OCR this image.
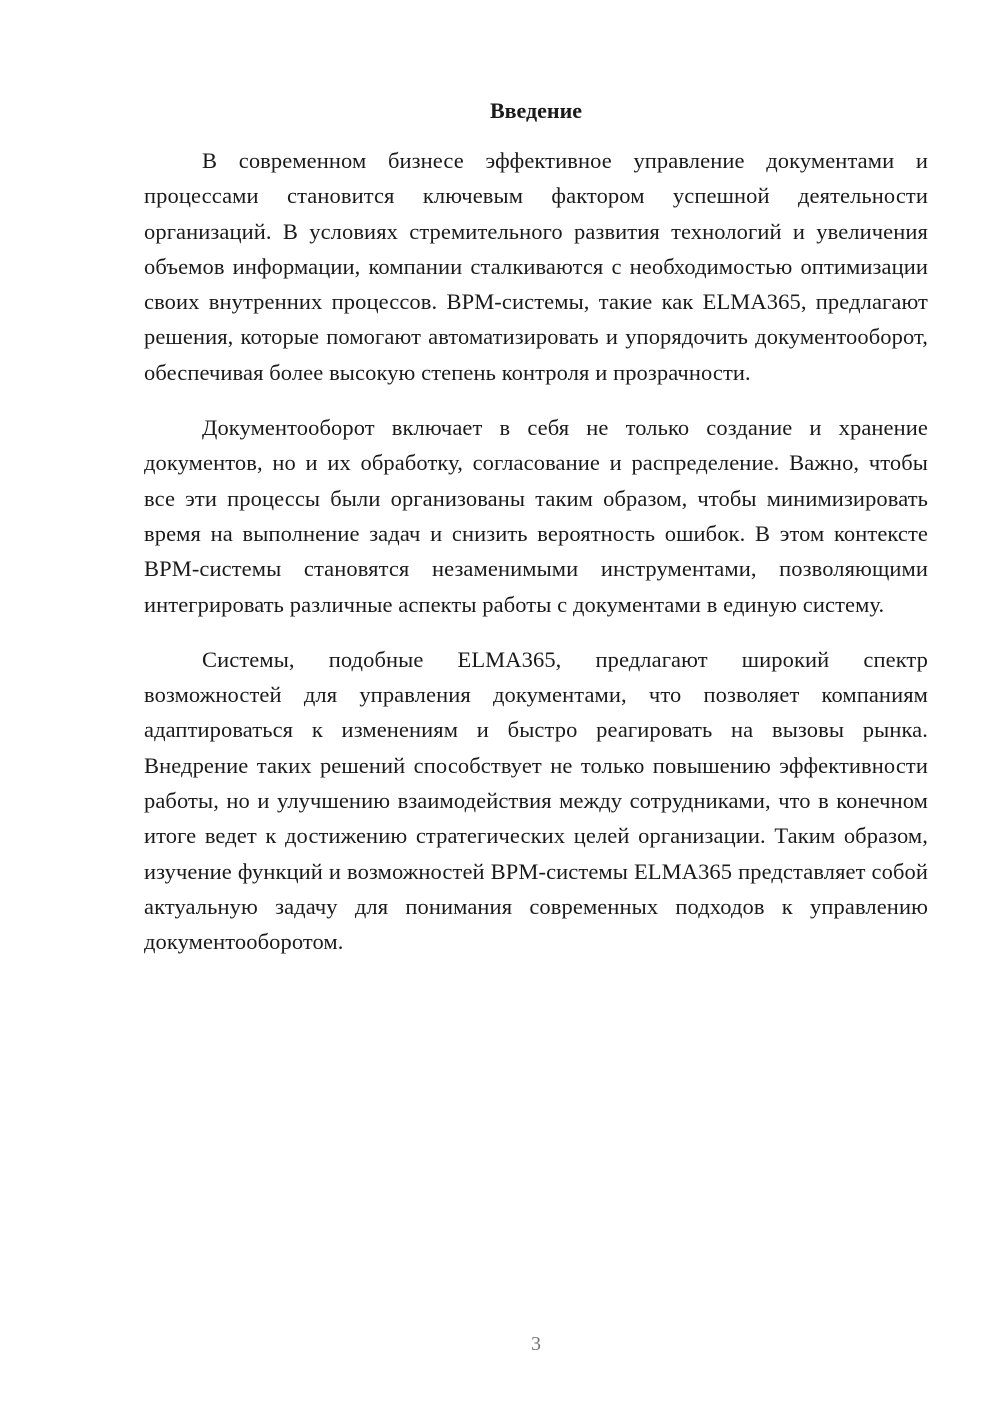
Введение

В современном бизнесе эффективное управление документами и процессами становится ключевым фактором успешной деятельности организаций. В условиях стремительного развития технологий и увеличения объемов информации, компании сталкиваются с необходимостью оптимизации своих внутренних процессов. BPM-системы, такие как ELMA365, предлагают решения, которые помогают автоматизировать и упорядочить документооборот, обеспечивая более высокую степень контроля и прозрачности.

Документооборот включает в себя не только создание и хранение документов, но и их обработку, согласование и распределение. Важно, чтобы все эти процессы были организованы таким образом, чтобы минимизировать время на выполнение задач и снизить вероятность ошибок. В этом контексте BPM-системы становятся незаменимыми инструментами, позволяющими интегрировать различные аспекты работы с документами в единую систему.

Системы, подобные ELMA365, предлагают широкий спектр возможностей для управления документами, что позволяет компаниям адаптироваться к изменениям и быстро реагировать на вызовы рынка. Внедрение таких решений способствует не только повышению эффективности работы, но и улучшению взаимодействия между сотрудниками, что в конечном итоге ведет к достижению стратегических целей организации. Таким образом, изучение функций и возможностей BPM-системы ELMA365 представляет собой актуальную задачу для понимания современных подходов к управлению документооборотом.

3
